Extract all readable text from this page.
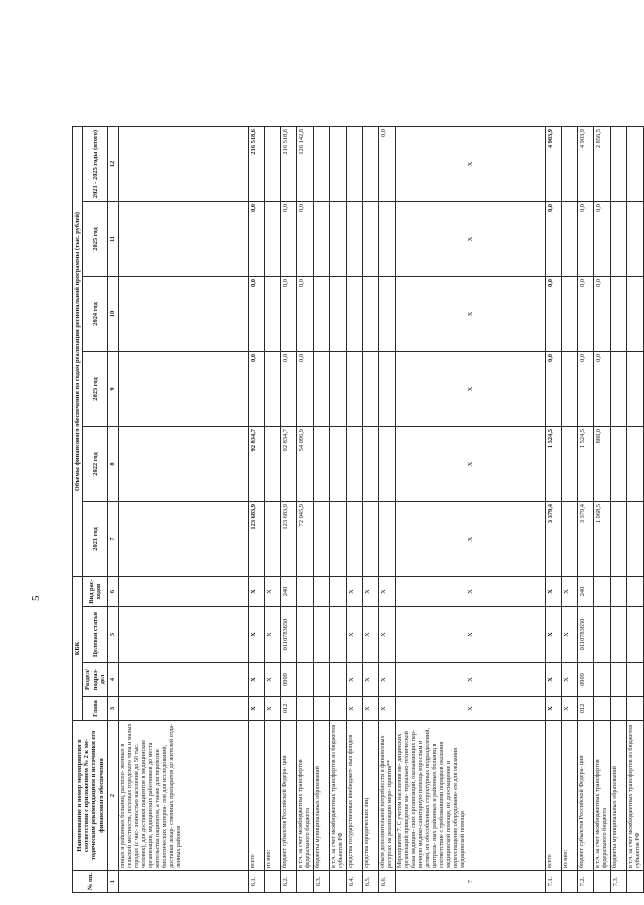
5
№ пп.	Наименование и номер мероприятия в соответствии с приложением № 2 к ме- тодическим рекомендациям и источники его финансового обеспечения	КБК				Объемы финансового обеспечения по годам реализации региональной программы (тыс. рублей)					
		Глава	Раздел/ подраз- дел	Целевая статья	Вид рас- ходов	2021 год	2022 год	2023 год	2024 год	2025 год	2021 - 2025 годы (итого)
1	2	3	4	5	6	7	8	9	10	11	12
	ониых и районных больниц, располо- женных в сельской местности, поселках городского типа и малых городах (с чис- ленностью населения до 50 тыс. человек), для доставки пациентов в медицинские организации, медицинских работников до места жительства пациентов, а также для перевозки биологических материа- лов для исследований, доставки лекар- ственных препаратов до жителей отда- ленных районов										
6.1.	всего	X	X	X	X	123 683,9	92 834,7	0,0	0,0	0,0	216 518,6
	из них:	X	X	X	X						
6.2.	бюджет субъектов Российской Федера- ции	012	0909	0110783650	240	123 683,9	92 834,7	0,0	0,0	0,0	216 518,6
	в т.ч. за счет межбюджетных трансфертов федерального бюджета					72 045,9	54 096,9	0,0	0,0	0,0	126 142,8
6.3.	бюджеты муниципальных образований										
	в т.ч. за счет межбюджетных трансфертов из бюджетов субъектов РФ										
6.4.	средства государственных внебюджет- ных фондов	X	X	X	X						
6.5.	средства юридических лиц	X	X	X	X						
6.6.	объем дополнительной потребности в финансовых ресурсах на реализацию меро- приятия**	X	X	X	X						0,0
7	Мероприятие 7. С учетом населения ме- дицинских организаций приведение ма- териально-технической базы медицин- ских организаций, оказывающих пер- вичную медико-санитарную помощь взрослым и детям, их обособленных структурных подразделений, централь- ных районных и районных больниц в соответствие с требованиями порядков оказания медицинской помощи, их дооснащение и переоснащение оборудовани- ем для оказания медицинской помощи	X	X	X	X	X	X	X	X	X	X
7.1.	всего	X	X	X	X	3 379,4	1 524,5	0,0	0,0	0,0	4 903,9
	из них:	X	X	X	X						
7.2.	бюджет субъектов Российской Федера- ции	012	0909	0110783650	240	3 379,4	1 524,5	0,0	0,0	0,0	4 903,9
	в т.ч. за счет межбюджетных трансфертов федерального бюджета					1 968,5	888,0	0,0	0,0	0,0	2 856,5
7.3.	бюджеты муниципальных образований										
	в т.ч. за счет межбюджетных трансфертов из бюджетов субъектов РФ										
